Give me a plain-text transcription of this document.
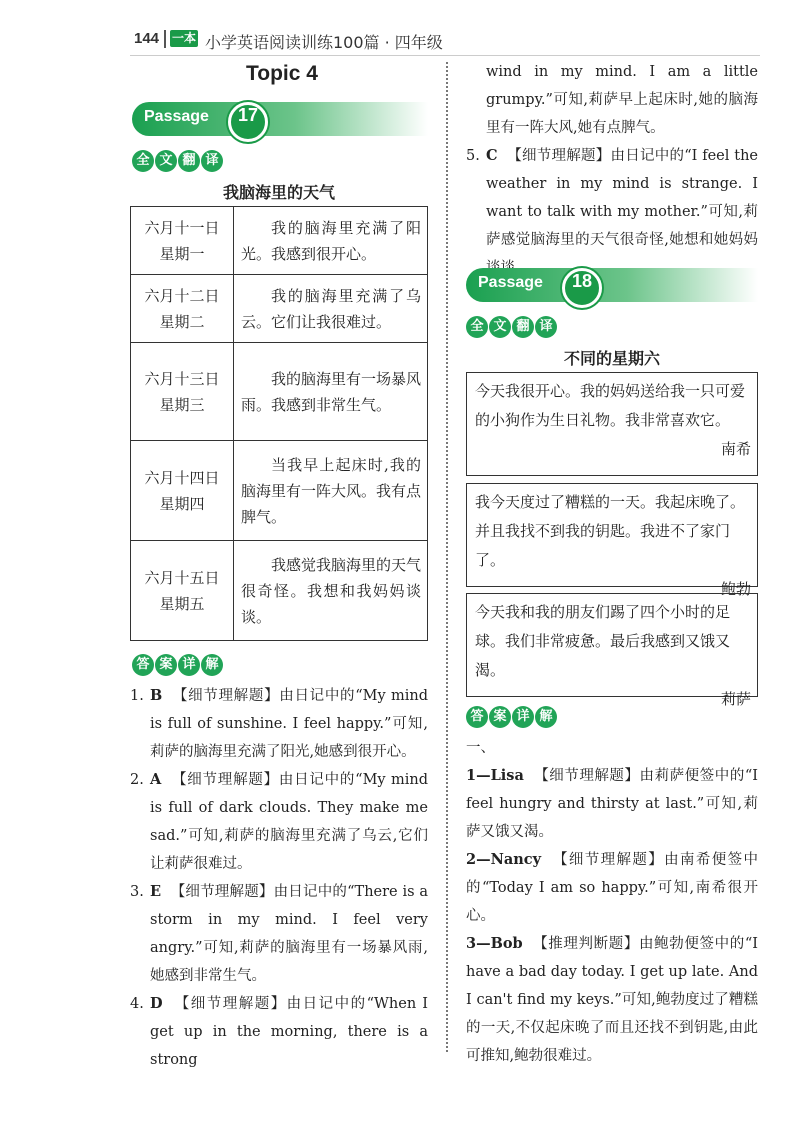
144 一本 小学英语阅读训练100篇 · 四年级
Topic 4
Passage	17
全 文 翻 译
我脑海里的天气
六月十一日
星期一	我的脑海里充满了阳光。我感到很开心。

六月十二日
星期二	我的脑海里充满了乌云。它们让我很难过。

六月十三日
星期三	我的脑海里有一场暴风雨。我感到非常生气。

六月十四日
星期四	当我早上起床时,我的脑海里有一阵大风。我有点脾气。

六月十五日
星期五	我感觉我脑海里的天气很奇怪。我想和我妈妈谈谈。
答 案 详 解
1. B 【细节理解题】由日记中的“My mind is full of sunshine. I feel happy.”可知,莉萨的脑海里充满了阳光,她感到很开心。
2. A 【细节理解题】由日记中的“My mind is full of dark clouds. They make me sad.”可知,莉萨的脑海里充满了乌云,它们让莉萨很难过。
3. E 【细节理解题】由日记中的“There is a storm in my mind. I feel very angry.”可知,莉萨的脑海里有一场暴风雨,她感到非常生气。
4. D 【细节理解题】由日记中的“When I get up in the morning, there is a strong
wind in my mind. I am a little grumpy.”可知,莉萨早上起床时,她的脑海里有一阵大风,她有点脾气。
5. C 【细节理解题】由日记中的“I feel the weather in my mind is strange. I want to talk with my mother.”可知,莉萨感觉脑海里的天气很奇怪,她想和她妈妈
Passage	18
全 文 翻 译
不同的星期六
今天我很开心。我的妈妈送给我一只可爱的小狗作为生日礼物。我非常喜欢它。
南希
我今天度过了糟糕的一天。我起床晚了。并且我找不到我的钥匙。我进不了家门了。
鲍勃
今天我和我的朋友们踢了四个小时的足球。我们非常疲惫。最后我感到又饿又渴。
莉萨
答 案 详 解
一、
1—Lisa 【细节理解题】由莉萨便签中的“I feel hungry and thirsty at last.”可知,莉萨又饿又渴。
2—Nancy 【细节理解题】由南希便签中的“Today I am so happy.”可知,南希很开心。
3—Bob 【推理判断题】由鲍勃便签中的“I have a bad day today. I get up late. And I can't find my keys.”可知,鲍勃度过了糟糕的一天,不仅起床晚了而且还找不到钥匙,由此可推知,鲍勃很难过。
